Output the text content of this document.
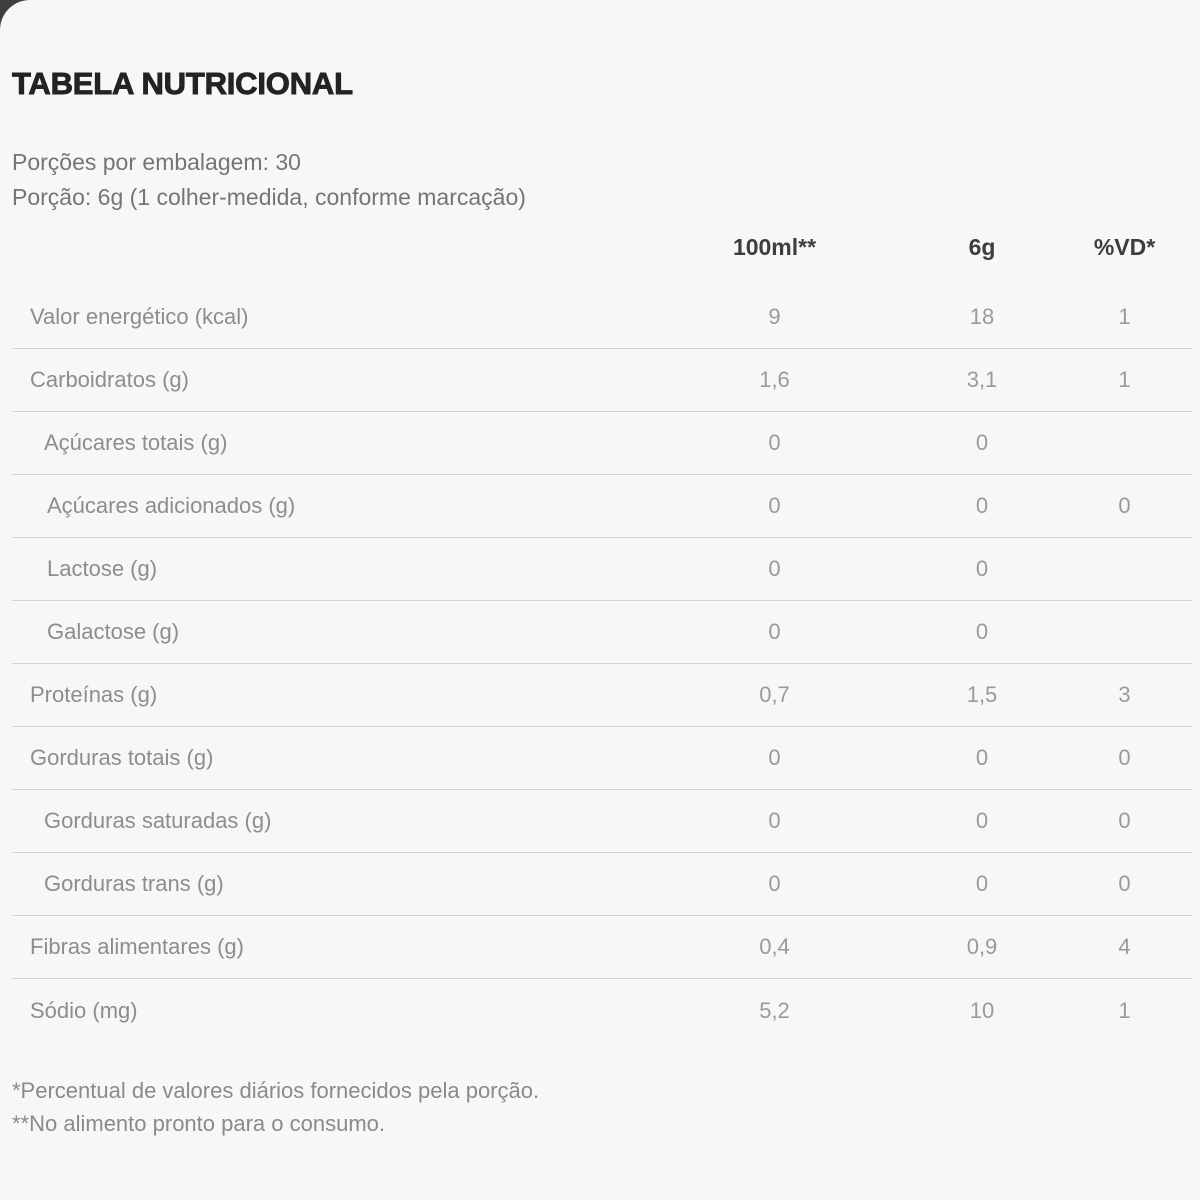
TABELA NUTRICIONAL
Porções por embalagem: 30
Porção: 6g (1 colher-medida, conforme marcação)
100ml**	6g	%VD*
Valor energético (kcal)	9	18	1
Carboidratos (g)	1,6	3,1	1
Açúcares totais (g)	0	0
Açúcares adicionados (g)	0	0	0
Lactose (g)	0	0
Galactose (g)	0	0
Proteínas (g)	0,7	1,5	3
Gorduras totais (g)	0	0	0
Gorduras saturadas (g)	0	0	0
Gorduras trans (g)	0	0	0
Fibras alimentares (g)	0,4	0,9	4
Sódio (mg)	5,2	10	1
*Percentual de valores diários fornecidos pela porção.
**No alimento pronto para o consumo.
